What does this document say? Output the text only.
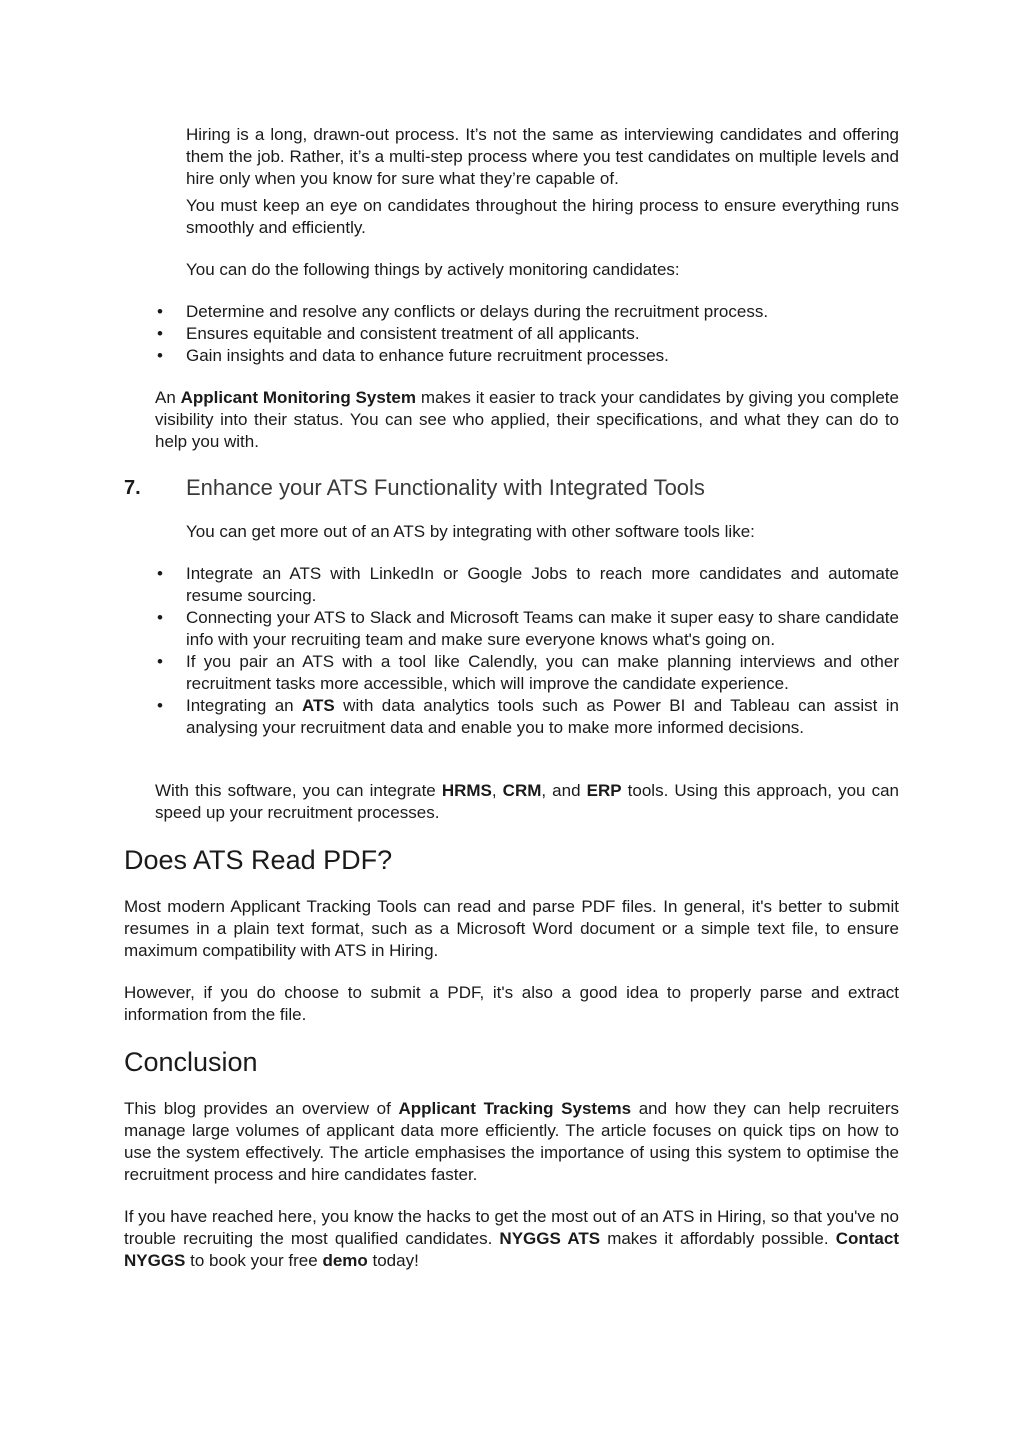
Hiring is a long, drawn-out process. It’s not the same as interviewing candidates and offering them the job. Rather, it’s a multi-step process where you test candidates on multiple levels and hire only when you know for sure what they’re capable of.

You must keep an eye on candidates throughout the hiring process to ensure everything runs smoothly and efficiently.

You can do the following things by actively monitoring candidates:

• Determine and resolve any conflicts or delays during the recruitment process.
• Ensures equitable and consistent treatment of all applicants.
• Gain insights and data to enhance future recruitment processes.

An Applicant Monitoring System makes it easier to track your candidates by giving you complete visibility into their status. You can see who applied, their specifications, and what they can do to help you with.

7. Enhance your ATS Functionality with Integrated Tools

You can get more out of an ATS by integrating with other software tools like:

• Integrate an ATS with LinkedIn or Google Jobs to reach more candidates and automate resume sourcing.
• Connecting your ATS to Slack and Microsoft Teams can make it super easy to share candidate info with your recruiting team and make sure everyone knows what's going on.
• If you pair an ATS with a tool like Calendly, you can make planning interviews and other recruitment tasks more accessible, which will improve the candidate experience.
• Integrating an ATS with data analytics tools such as Power BI and Tableau can assist in analysing your recruitment data and enable you to make more informed decisions.

With this software, you can integrate HRMS, CRM, and ERP tools. Using this approach, you can speed up your recruitment processes.

Does ATS Read PDF?

Most modern Applicant Tracking Tools can read and parse PDF files. In general, it's better to submit resumes in a plain text format, such as a Microsoft Word document or a simple text file, to ensure maximum compatibility with ATS in Hiring.

However, if you do choose to submit a PDF, it's also a good idea to properly parse and extract information from the file.

Conclusion

This blog provides an overview of Applicant Tracking Systems and how they can help recruiters manage large volumes of applicant data more efficiently. The article focuses on quick tips on how to use the system effectively. The article emphasises the importance of using this system to optimise the recruitment process and hire candidates faster.

If you have reached here, you know the hacks to get the most out of an ATS in Hiring, so that you've no trouble recruiting the most qualified candidates. NYGGS ATS makes it affordably possible. Contact NYGGS to book your free demo today!
